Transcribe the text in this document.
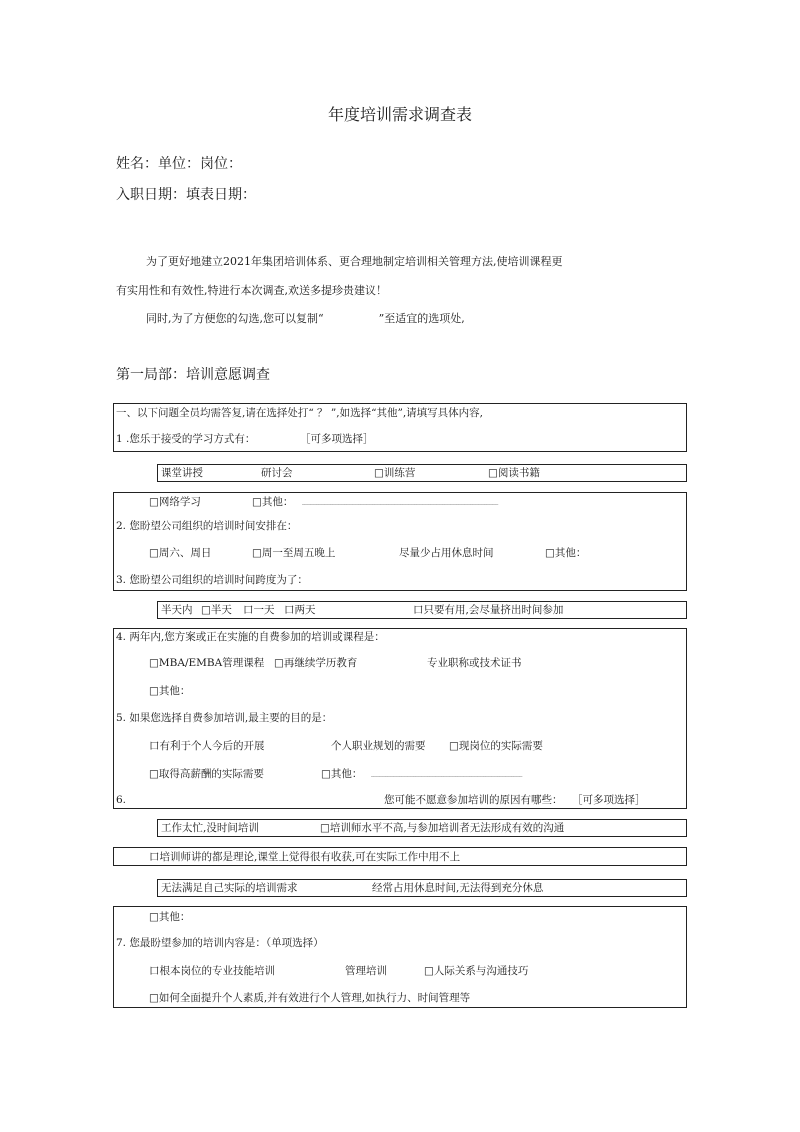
年度培训需求调查表
姓名：单位：岗位：
入职日期：填表日期：
为了更好地建立2021年集团培训体系、更合理地制定培训相关管理方法,使培训课程更
有实用性和有效性,特进行本次调查,欢送多提珍贵建议！
同时,为了方便您的勾选,您可以复制“　　　　　”至适宜的选项处,
第一局部：培训意愿调查
一、以下问题全员均需答复,请在选择处打“ ？ ”,如选择“其他”,请填写具体内容,
1 .您乐于接受的学习方式有：	［可多项选择］
课堂讲授	研讨会	□训练营	□阅读书籍
□网络学习	□其他： ______________________________________________________________________
2. 您盼望公司组织的培训时间安排在：
□周六、周日	□周一至周五晚上	尽量少占用休息时间	□其他：
3. 您盼望公司组织的培训时间跨度为了：
半天内 □半天 口一天 口两天	口只要有用,会尽量挤出时间参加
4. 两年内,您方案或正在实施的自费参加的培训或课程是：
□MBA/EMBA管理课程 □再继续学历教育	专业职称或技术证书
□其他：
5. 如果您选择自费参加培训,最主要的目的是：
口有利于个人今后的开展	个人职业规划的需要 □现岗位的实际需要
□取得高薪酬的实际需要	□其他： ______________________________________________________
6.	您可能不愿意参加培训的原因有哪些： ［可多项选择］
工作太忙,没时间培训	□培训师水平不高,与参加培训者无法形成有效的沟通
口培训师讲的都是理论,课堂上觉得很有收获,可在实际工作中用不上
无法满足自己实际的培训需求	经常占用休息时间,无法得到充分休息
□其他：
7. 您最盼望参加的培训内容是：（单项选择）
口根本岗位的专业技能培训	管理培训	□人际关系与沟通技巧
□如何全面提升个人素质,并有效进行个人管理,如执行力、时间管理等
